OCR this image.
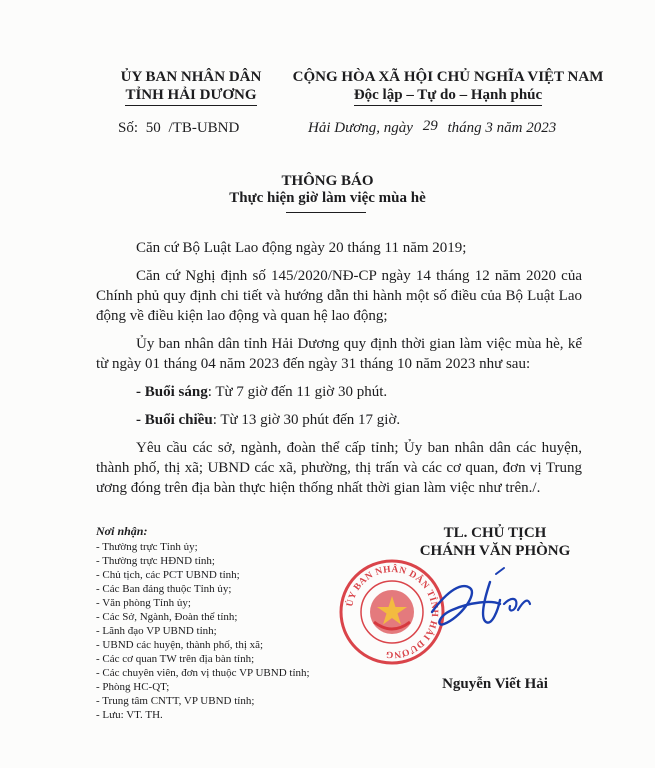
ỦY BAN NHÂN DÂN
TỈNH HẢI DƯƠNG
CỘNG HÒA XÃ HỘI CHỦ NGHĨA VIỆT NAM
Độc lập – Tự do – Hạnh phúc
Số: 50 /TB-UBND	Hải Dương, ngày 29 tháng 3 năm 2023
THÔNG BÁO
Thực hiện giờ làm việc mùa hè

Căn cứ Bộ Luật Lao động ngày 20 tháng 11 năm 2019;

Căn cứ Nghị định số 145/2020/NĐ-CP ngày 14 tháng 12 năm 2020 của Chính phủ quy định chi tiết và hướng dẫn thi hành một số điều của Bộ Luật Lao động về điều kiện lao động và quan hệ lao động;

Ủy ban nhân dân tỉnh Hải Dương quy định thời gian làm việc mùa hè, kể từ ngày 01 tháng 04 năm 2023 đến ngày 31 tháng 10 năm 2023 như sau:

- Buổi sáng: Từ 7 giờ đến 11 giờ 30 phút.

- Buổi chiều: Từ 13 giờ 30 phút đến 17 giờ.

Yêu cầu các sở, ngành, đoàn thể cấp tỉnh; Ủy ban nhân dân các huyện, thành phố, thị xã; UBND các xã, phường, thị trấn và các cơ quan, đơn vị Trung ương đóng trên địa bàn thực hiện thống nhất thời gian làm việc như trên./.

Nơi nhận:
- Thường trực Tỉnh ủy;
- Thường trực HĐND tỉnh;
- Chủ tịch, các PCT UBND tỉnh;
- Các Ban đảng thuộc Tỉnh ủy;
- Văn phòng Tỉnh ủy;
- Các Sở, Ngành, Đoàn thể tỉnh;
- Lãnh đạo VP UBND tỉnh;
- UBND các huyện, thành phố, thị xã;
- Các cơ quan TW trên địa bàn tỉnh;
- Các chuyên viên, đơn vị thuộc VP UBND tỉnh;
- Phòng HC-QT;
- Trung tâm CNTT, VP UBND tỉnh;
- Lưu: VT. TH.
TL. CHỦ TỊCH
CHÁNH VĂN PHÒNG
ỦY BAN NHÂN DÂN TỈNH HẢI DƯƠNG
Nguyễn Viết Hải
